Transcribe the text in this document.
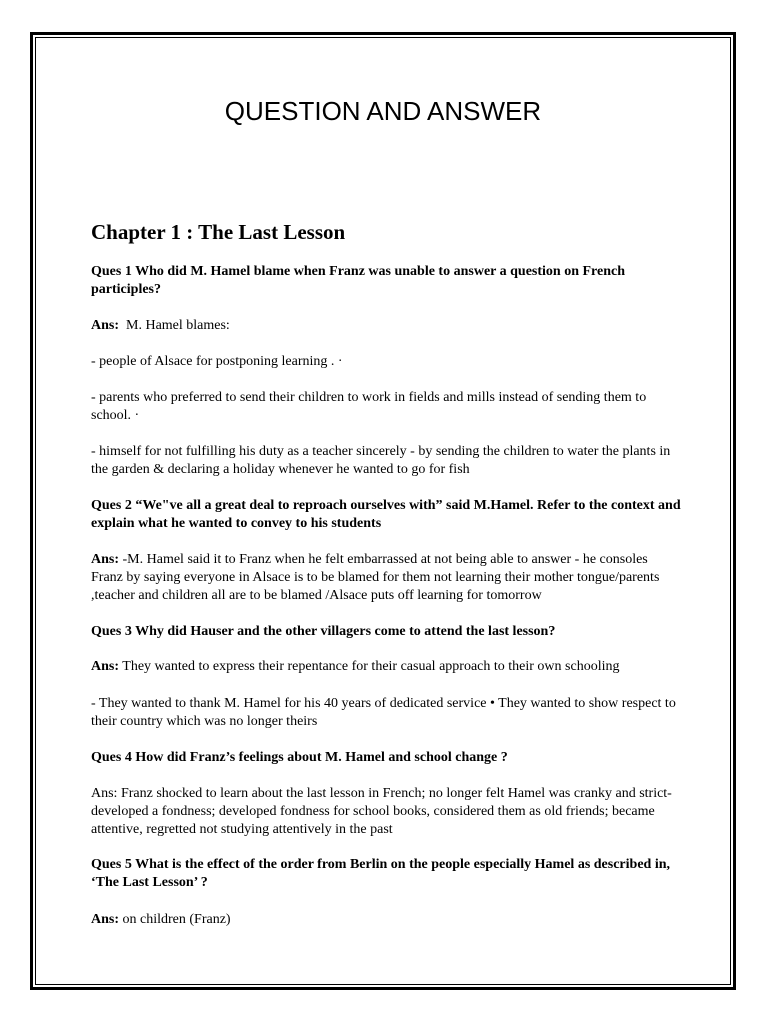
QUESTION AND ANSWER
Chapter 1 : The Last Lesson

Ques 1 Who did M. Hamel blame when Franz was unable to answer a question on French participles?

Ans: M. Hamel blames:

- people of Alsace for postponing learning . ·

- parents who preferred to send their children to work in fields and mills instead of sending them to school. ·

- himself for not fulfilling his duty as a teacher sincerely - by sending the children to water the plants in the garden & declaring a holiday whenever he wanted to go for fish

Ques 2 “We"ve all a great deal to reproach ourselves with” said M.Hamel. Refer to the context and explain what he wanted to convey to his students

Ans: -M. Hamel said it to Franz when he felt embarrassed at not being able to answer - he consoles Franz by saying everyone in Alsace is to be blamed for them not learning their mother tongue/parents ,teacher and children all are to be blamed /Alsace puts off learning for tomorrow

Ques 3 Why did Hauser and the other villagers come to attend the last lesson?

Ans: They wanted to express their repentance for their casual approach to their own schooling

- They wanted to thank M. Hamel for his 40 years of dedicated service • They wanted to show respect to their country which was no longer theirs

Ques 4 How did Franz’s feelings about M. Hamel and school change ?

Ans: Franz shocked to learn about the last lesson in French; no longer felt Hamel was cranky and strict-developed a fondness; developed fondness for school books, considered them as old friends; became attentive, regretted not studying attentively in the past

Ques 5 What is the effect of the order from Berlin on the people especially Hamel as described in, ‘The Last Lesson’ ?

Ans: on children (Franz)
